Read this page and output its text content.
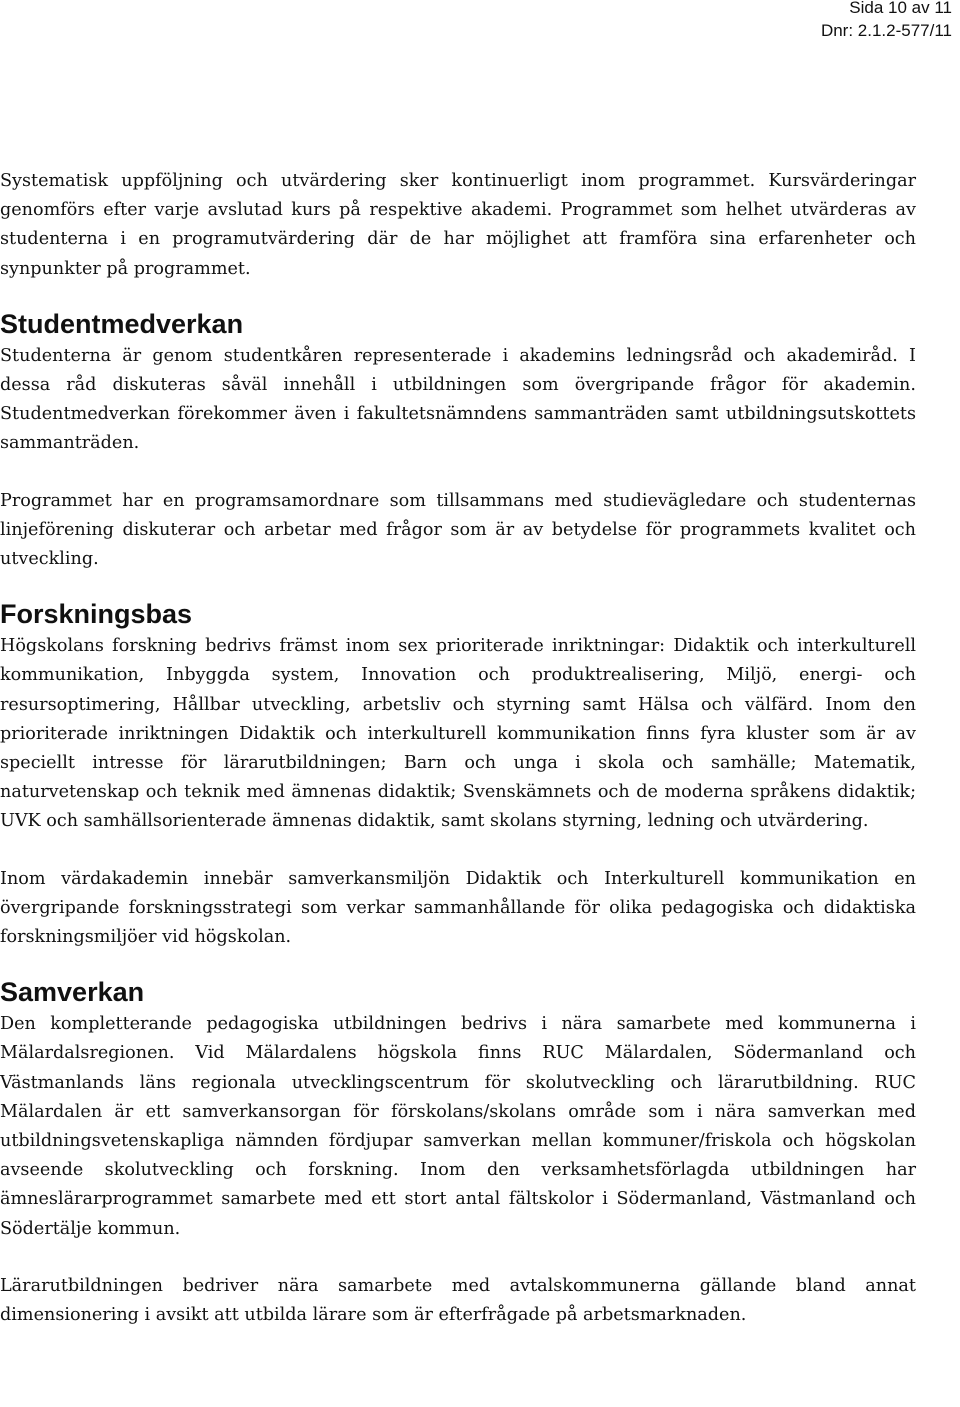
Sida 10 av 11
Dnr: 2.1.2-577/11

Systematisk uppföljning och utvärdering sker kontinuerligt inom programmet. Kursvärderingar genomförs efter varje avslutad kurs på respektive akademi. Programmet som helhet utvärderas av studenterna i en programutvärdering där de har möjlighet att framföra sina erfarenheter och synpunkter på programmet.

Studentmedverkan

Studenterna är genom studentkåren representerade i akademins ledningsråd och akademiråd. I dessa råd diskuteras såväl innehåll i utbildningen som övergripande frågor för akademin. Studentmedverkan förekommer även i fakultetsnämndens sammanträden samt utbildningsutskottets sammanträden.

Programmet har en programsamordnare som tillsammans med studievägledare och studenternas linjeförening diskuterar och arbetar med frågor som är av betydelse för programmets kvalitet och utveckling.

Forskningsbas

Högskolans forskning bedrivs främst inom sex prioriterade inriktningar: Didaktik och interkulturell kommunikation, Inbyggda system, Innovation och produktrealisering, Miljö, energi- och resursoptimering, Hållbar utveckling, arbetsliv och styrning samt Hälsa och välfärd. Inom den prioriterade inriktningen Didaktik och interkulturell kommunikation finns fyra kluster som är av speciellt intresse för lärarutbildningen; Barn och unga i skola och samhälle; Matematik, naturvetenskap och teknik med ämnenas didaktik; Svenskämnets och de moderna språkens didaktik; UVK och samhällsorienterade ämnenas didaktik, samt skolans styrning, ledning och utvärdering.

Inom värdakademin innebär samverkansmiljön Didaktik och Interkulturell kommunikation en övergripande forskningsstrategi som verkar sammanhållande för olika pedagogiska och didaktiska forskningsmiljöer vid högskolan.

Samverkan

Den kompletterande pedagogiska utbildningen bedrivs i nära samarbete med kommunerna i Mälardalsregionen. Vid Mälardalens högskola finns RUC Mälardalen, Södermanland och Västmanlands läns regionala utvecklingscentrum för skolutveckling och lärarutbildning. RUC Mälardalen är ett samverkansorgan för förskolans/skolans område som i nära samverkan med utbildningsvetenskapliga nämnden fördjupar samverkan mellan kommuner/friskola och högskolan avseende skolutveckling och forskning. Inom den verksamhetsförlagda utbildningen har ämneslärarprogrammet samarbete med ett stort antal fältskolor i Södermanland, Västmanland och Södertälje kommun.

Lärarutbildningen bedriver nära samarbete med avtalskommunerna gällande bland annat dimensionering i avsikt att utbilda lärare som är efterfrågade på arbetsmarknaden.
